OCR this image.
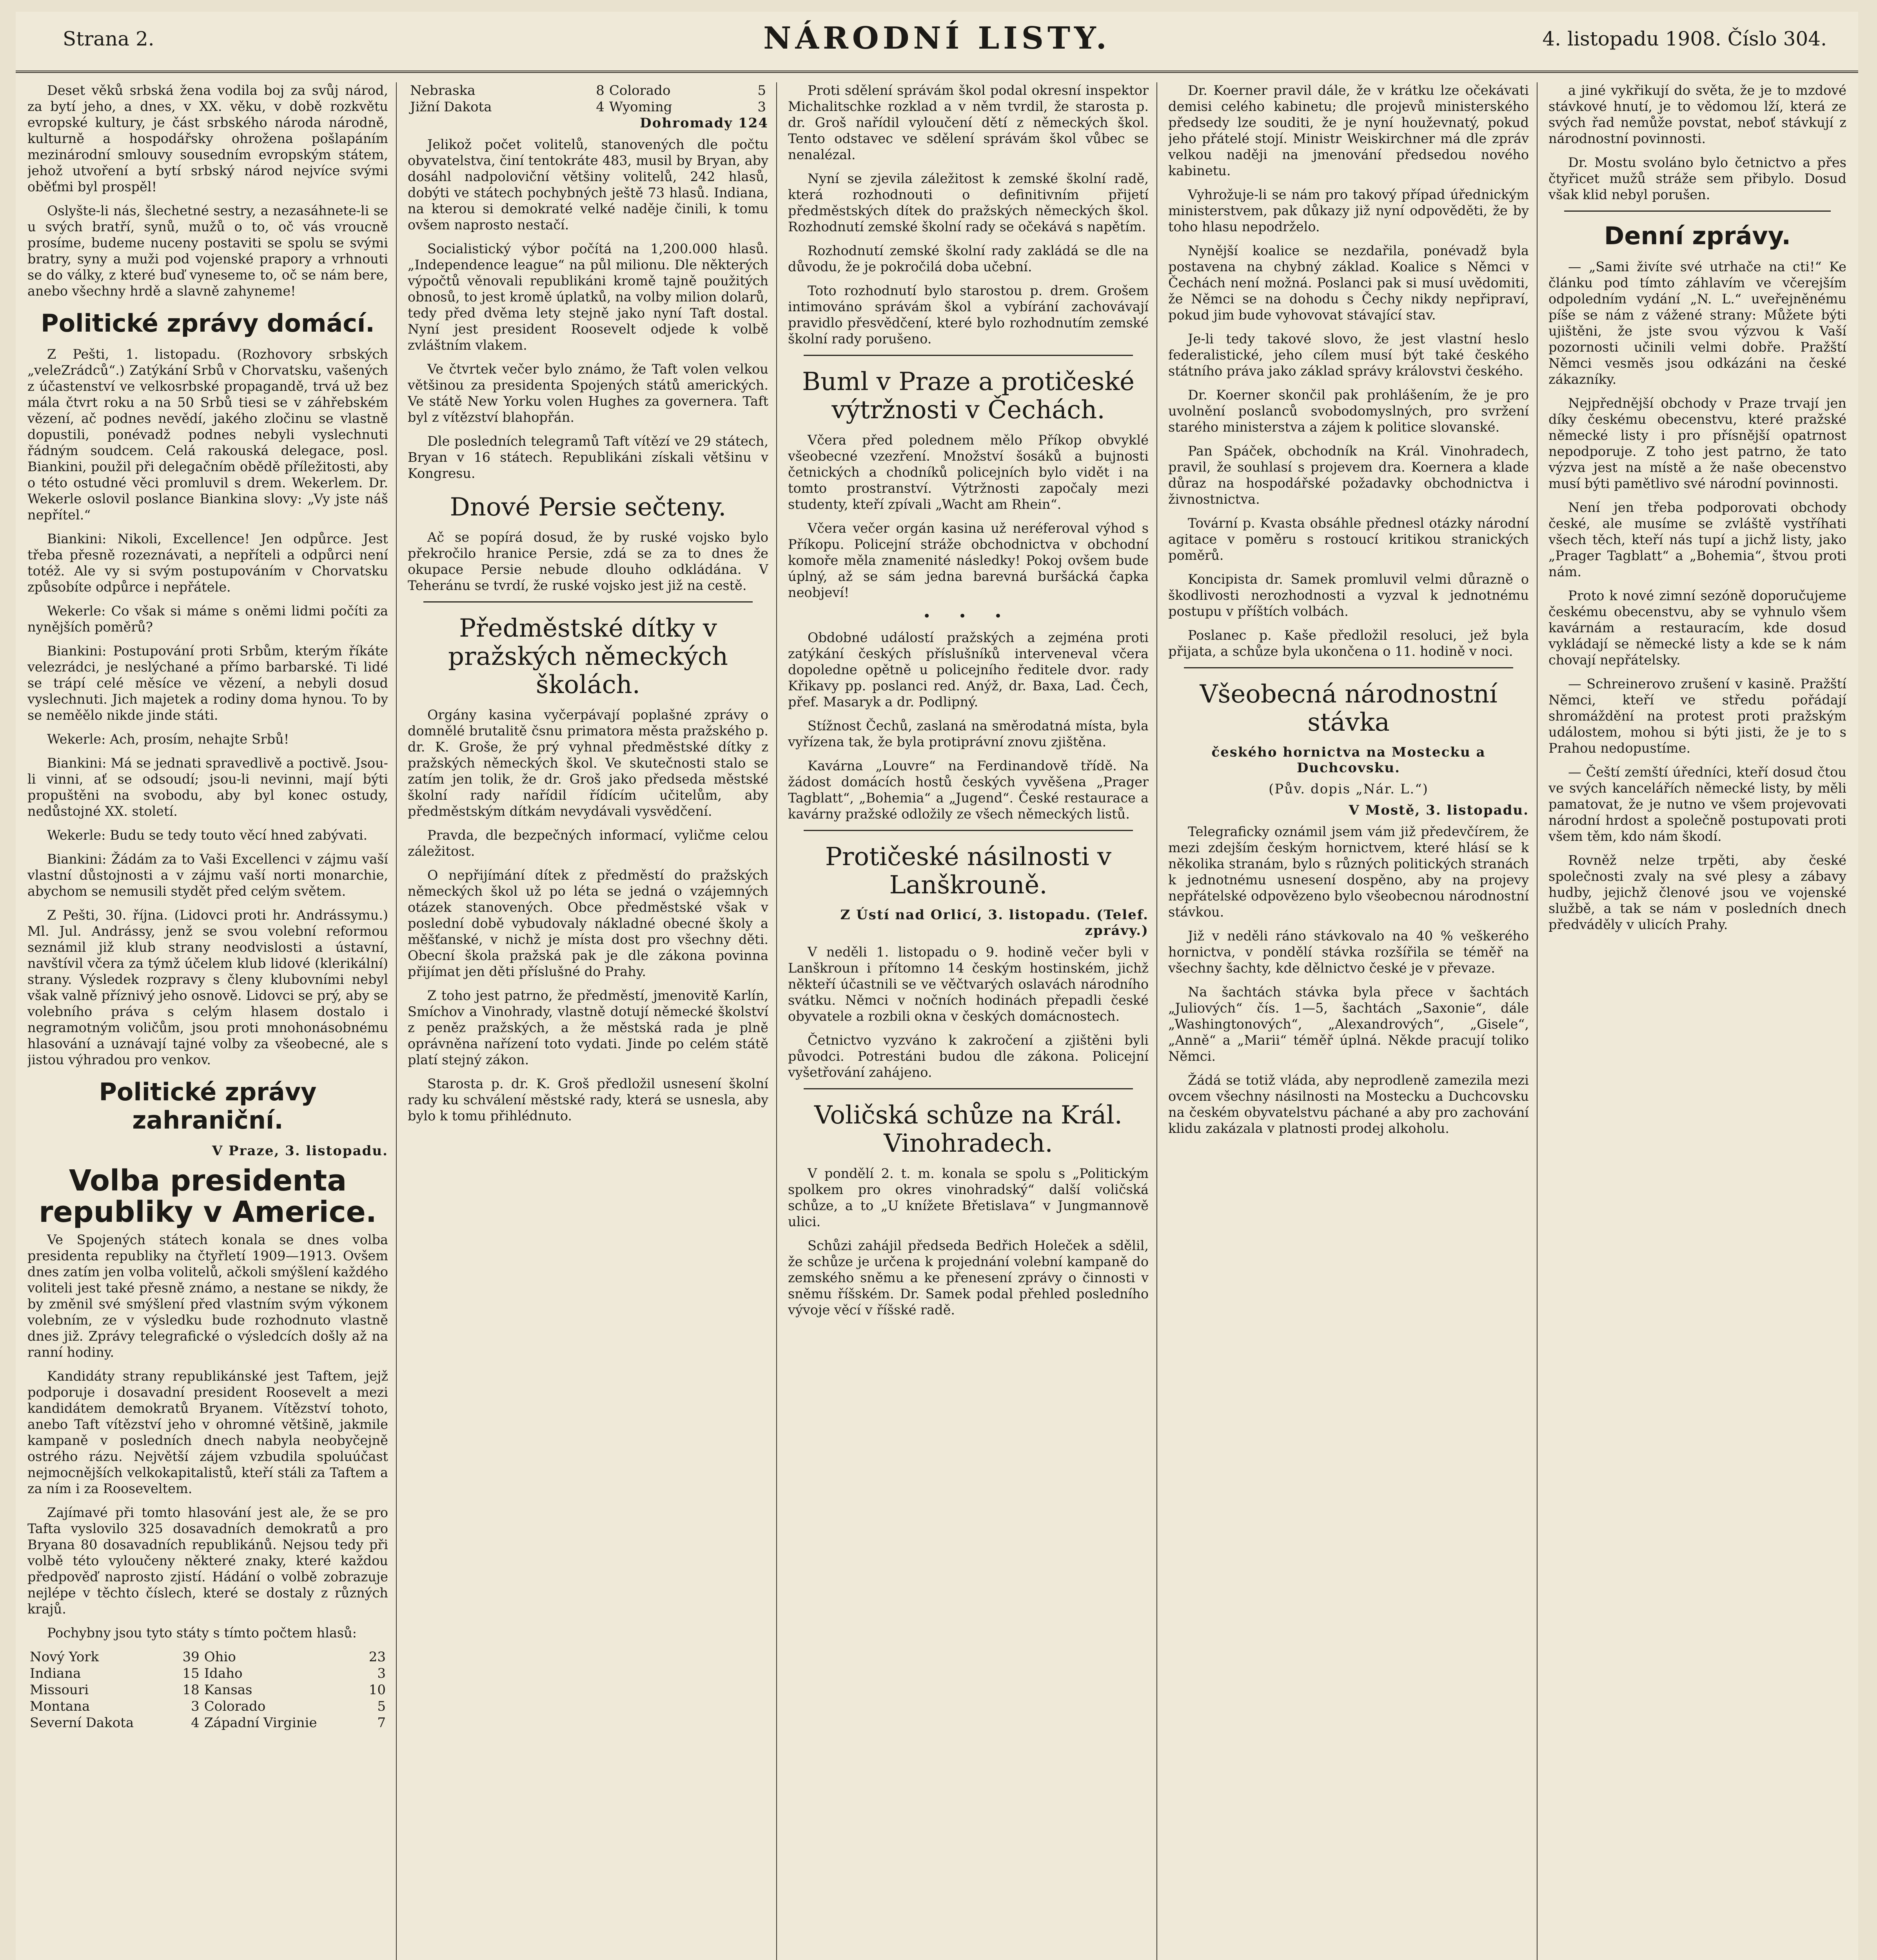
Strana 2.	NÁRODNÍ LISTY.	4. listopadu 1908. Číslo 304.

Deset věků srbská žena vodila boj za svůj národ, za bytí jeho, a dnes, v XX. věku, v době rozkvětu evropské kultury, je část srbského národa národně, kulturně a hospodářsky ohrožena pošlapáním mezinárodní smlouvy sousedním evropským státem, jehož utvoření a bytí srbský národ nejvíce svými oběťmi byl prospěl!

Oslyšte-li nás, šlechetné sestry, a nezasáhnete-li se u svých bratří, synů, mužů o to, oč vás vroucně prosíme, budeme nuceny postaviti se spolu se svými bratry, syny a muži pod vojenské prapory a vrhnouti se do války, z které buď vyneseme to, oč se nám bere, anebo všechny hrdě a slavně zahyneme!

Politické zprávy domácí.

Z Pešti, 1. listopadu. (Rozhovory srbských „veleZrádců“.) Zatýkání Srbů v Chorvatsku, vašených z účastenství ve velkosrbské propagandě, trvá už bez mála čtvrt roku a na 50 Srbů tiesi se v záhřebském vězení, ač podnes nevědí, jakého zločinu se vlastně dopustili, ponévadž podnes nebyli vyslechnuti řádným soudcem. Celá rakouská delegace, posl. Biankini, použil při delegačním obědě příležitosti, aby o této ostudné věci promluvil s drem. Wekerlem. Dr. Wekerle oslovil poslance Biankina slovy: „Vy jste náš nepřítel.“

Biankini: Nikoli, Excellence! Jen odpůrce. Jest třeba přesně rozeznávati, a nepříteli a odpůrci není totéž. Ale vy si svým postupováním v Chorvatsku způsobíte odpůrce i nepřátele.

Wekerle: Co však si máme s oněmi lidmi počíti za nynějších poměrů?

Biankini: Postupování proti Srbům, kterým říkáte velezrádci, je neslýchané a přímo barbarské. Ti lidé se trápí celé měsíce ve vězení, a nebyli dosud vyslechnuti. Jich majetek a rodiny doma hynou. To by se neměělo nikde jinde státi.

Wekerle: Ach, prosím, nehajte Srbů!

Biankini: Má se jednati spravedlivě a poctivě. Jsou-li vinni, ať se odsoudí; jsou-li nevinni, mají býti propuštěni na svobodu, aby byl konec ostudy, nedůstojné XX. století.

Wekerle: Budu se tedy touto věcí hned zabývati.

Biankini: Žádám za to Vaši Excellenci v zájmu vaší vlastní důstojnosti a v zájmu vaší norti monarchie, abychom se nemusili stydět před celým světem.

Z Pešti, 30. října. (Lidovci proti hr. Andrássymu.) Ml. Jul. Andrássy, jenž se svou volební reformou seznámil již klub strany neodvislosti a ústavní, navštívil včera za týmž účelem klub lidové (klerikální) strany. Výsledek rozpravy s členy klubovními nebyl však valně příznivý jeho osnově. Lidovci se prý, aby se volebního práva s celým hlasem dostalo i negramotným voličům, jsou proti mnohonásobnému hlasování a uznávají tajné volby za všeobecné, ale s jistou výhradou pro venkov.

Politické zprávy zahraniční.
V Praze, 3. listopadu.
Volba presidenta republiky v Americe.

Ve Spojených státech konala se dnes volba presidenta republiky na čtyřletí 1909—1913. Ovšem dnes zatím jen volba volitelů, ačkoli smýšlení každého voliteli jest také přesně známo, a nestane se nikdy, že by změnil své smýšlení před vlastním svým výkonem volebním, ze v výsledku bude rozhodnuto vlastně dnes již. Zprávy telegrafické o výsledcích došly až na ranní hodiny.

Kandidáty strany republikánské jest Taftem, jejž podporuje i dosavadní president Roosevelt a mezi kandidátem demokratů Bryanem. Vítězství tohoto, anebo Taft vítězství jeho v ohromné většině, jakmile kampaně v posledních dnech nabyla neobyčejně ostrého rázu. Největší zájem vzbudila spoluúčast nejmocnějších velkokapitalistů, kteří stáli za Taftem a za ním i za Rooseveltem.

Zajímavé při tomto hlasování jest ale, že se pro Tafta vyslovilo 325 dosavadních demokratů a pro Bryana 80 dosavadních republikánů. Nejsou tedy při volbě této vyloučeny některé znaky, které každou předpověď naprosto zjistí. Hádání o volbě zobrazuje nejlépe v těchto číslech, které se dostaly z různých krajů.

Pochybny jsou tyto státy s tímto počtem hlasů:

Nový York	39	Ohio	23
Indiana	15	Idaho	3
Missouri	18	Kansas	10
Montana	3	Colorado	5
Severní Dakota	4	Západní Virginie	7
Nebraska	8	Colorado	5
Jižní Dakota	4	Wyoming	3
Dohromady 124

Jelikož počet volitelů, stanovených dle počtu obyvatelstva, činí tentokráte 483, musil by Bryan, aby dosáhl nadpoloviční většiny volitelů, 242 hlasů, dobýti ve státech pochybných ještě 73 hlasů. Indiana, na kterou si demokraté velké naděje činili, k tomu ovšem naprosto nestačí.

Socialistický výbor počítá na 1,200.000 hlasů. „Independence league“ na půl milionu. Dle některých výpočtů věnovali republikáni kromě tajně použitých obnosů, to jest kromě úplatků, na volby milion dolarů, tedy před dvěma lety stejně jako nyní Taft dostal. Nyní jest president Roosevelt odjede k volbě zvláštním vlakem.

Ve čtvrtek večer bylo známo, že Taft volen velkou většinou za presidenta Spojených států amerických. Ve státě New Yorku volen Hughes za governera. Taft byl z vítězství blahopřán.

Dle posledních telegramů Taft vítězí ve 29 státech, Bryan v 16 státech. Republikáni získali většinu v Kongresu.

Dnové Persie sečteny.

Ač se popírá dosud, že by ruské vojsko bylo překročilo hranice Persie, zdá se za to dnes že okupace Persie nebude dlouho odkládána. V Teheránu se tvrdí, že ruské vojsko jest již na cestě.

Předměstské dítky v pražských německých školách.

Orgány kasina vyčerpávají poplašné zprávy o domnělé brutalitě čsnu primatora města pražského p. dr. K. Groše, že prý vyhnal předměstské dítky z pražských německých škol. Ve skutečnosti stalo se zatím jen tolik, že dr. Groš jako předseda městské školní rady nařídil řídícím učitelům, aby předměstským dítkám nevydávali vysvědčení.

Pravda, dle bezpečných informací, vyličme celou záležitost.

O nepřijímání dítek z předměstí do pražských německých škol už po léta se jedná o vzájemných otázek stanovených. Obce předměstské však v poslední době vybudovaly nákladné obecné školy a měšťanské, v nichž je místa dost pro všechny děti. Obecní škola pražská pak je dle zákona povinna přijímat jen děti příslušné do Prahy.

Z toho jest patrno, že předměstí, jmenovitě Karlín, Smíchov a Vinohrady, vlastně dotují německé školství z peněz pražských, a že městská rada je plně oprávněna nařízení toto vydati. Jinde po celém státě platí stejný zákon.

Starosta p. dr. K. Groš předložil usnesení školní rady ku schválení městské rady, která se usnesla, aby bylo k tomu přihlédnuto.

Proti sdělení správám škol podal okresní inspektor Michalitschke rozklad a v něm tvrdil, že starosta p. dr. Groš nařídil vyloučení dětí z německých škol. Tento odstavec ve sdělení správám škol vůbec se nenalézal.

Nyní se zjevila záležitost k zemské školní radě, která rozhodnouti o definitivním přijetí předměstských dítek do pražských německých škol. Rozhodnutí zemské školní rady se očekává s napětím.

Rozhodnutí zemské školní rady zakládá se dle na důvodu, že je pokročilá doba učební.

Toto rozhodnutí bylo starostou p. drem. Grošem intimováno správám škol a vybírání zachovávají pravidlo přesvědčení, které bylo rozhodnutím zemské školní rady porušeno.

Buml v Praze a protičeské výtržnosti v Čechách.

Včera před polednem mělo Příkop obvyklé všeobecné vzezření. Množství šosáků a bujnosti četnických a chodníků policejních bylo vidět i na tomto prostranství. Výtržnosti započaly mezi studenty, kteří zpívali „Wacht am Rhein“.

Včera večer orgán kasina už neréferoval výhod s Příkopu. Policejní stráže obchodnictva v obchodní komoře měla znamenité následky! Pokoj ovšem bude úplný, až se sám jedna barevná buršácká čapka neobjeví!

• • •

Obdobné událostí pražských a zejména proti zatýkání českých příslušníků interveneval včera dopoledne opětně u policejního ředitele dvor. rady Křikavy pp. poslanci red. Anýž, dr. Baxa, Lad. Čech, přef. Masaryk a dr. Podlipný.

Stížnost Čechů, zaslaná na směrodatná místa, byla vyřízena tak, že byla protiprávní znovu zjištěna.

Kavárna „Louvre“ na Ferdinandově třídě. Na žádost domácích hostů českých vyvěšena „Prager Tagblatt“, „Bohemia“ a „Jugend“. České restaurace a kavárny pražské odložily ze všech německých listů.

Protičeské násilnosti v Lanškrouně.
Z Ústí nad Orlicí, 3. listopadu. (Telef. zprávy.)

V neděli 1. listopadu o 9. hodině večer byli v Lanškroun i přítomno 14 českým hostinském, jichž někteří účastnili se ve věčtvarých oslavách národního svátku. Němci v nočních hodinách přepadli české obyvatele a rozbili okna v českých domácnostech.

Četnictvo vyzváno k zakročení a zjištěni byli původci. Potrestáni budou dle zákona. Policejní vyšetřování zahájeno.

Voličská schůze na Král. Vinohradech.

V pondělí 2. t. m. konala se spolu s „Politickým spolkem pro okres vinohradský“ další voličská schůze, a to „U knížete Břetislava“ v Jungmannově ulici.

Schůzi zahájil předseda Bedřich Holeček a sdělil, že schůze je určena k projednání volební kampaně do zemského sněmu a ke přenesení zprávy o činnosti v sněmu říšském. Dr. Samek podal přehled posledního vývoje věcí v říšské radě.

Dr. Koerner pravil dále, že v krátku lze očekávati demisi celého kabinetu; dle projevů ministerského předsedy lze souditi, že je nyní houževnatý, pokud jeho přátelé stojí. Ministr Weiskirchner má dle zpráv velkou naději na jmenování předsedou nového kabinetu.

Vyhrožuje-li se nám pro takový případ úřednickým ministerstvem, pak důkazy již nyní odpověděti, že by toho hlasu nepodrželo.

Nynější koalice se nezdařila, ponévadž byla postavena na chybný základ. Koalice s Němci v Čechách není možná. Poslanci pak si musí uvědomiti, že Němci se na dohodu s Čechy nikdy nepřipraví, pokud jim bude vyhovovat stávající stav.

Je-li tedy takové slovo, že jest vlastní heslo federalistické, jeho cílem musí být také českého státního práva jako základ správy královstvi českého.

Dr. Koerner skončil pak prohlášením, že je pro uvolnění poslanců svobodomyslných, pro svržení starého ministerstva a zájem k politice slovanské.

Pan Spáček, obchodník na Král. Vinohradech, pravil, že souhlasí s projevem dra. Koernera a klade důraz na hospodářské požadavky obchodnictva i živnostnictva.

Tovární p. Kvasta obsáhle přednesl otázky národní agitace v poměru s rostoucí kritikou stranických poměrů.

Koncipista dr. Samek promluvil velmi důrazně o škodlivosti nerozhodnosti a vyzval k jednotnému postupu v příštích volbách.

Poslanec p. Kaše předložil resoluci, jež byla přijata, a schůze byla ukončena o 11. hodině v noci.

Všeobecná národnostní stávka
českého hornictva na Mostecku a Duchcovsku.
(Pův. dopis „Nár. L.“)
V Mostě, 3. listopadu.

Telegraficky oznámil jsem vám již předevčírem, že mezi zdejším českým hornictvem, které hlásí se k několika stranám, bylo s různých politických stranách k jednotnému usnesení dospěno, aby na projevy nepřátelské odpovězeno bylo všeobecnou národnostní stávkou.

Již v neděli ráno stávkovalo na 40 % veškerého hornictva, v pondělí stávka rozšířila se téměř na všechny šachty, kde dělnictvo české je v převaze.

Na šachtách stávka byla přece v šachtách „Juliových“ čís. 1—5, šachtách „Saxonie“, dále „Washingtonových“, „Alexandrových“, „Gisele“, „Anně“ a „Marii“ téměř úplná. Někde pracují toliko Němci.

Žádá se totiž vláda, aby neprodleně zamezila mezi ovcem všechny násilnosti na Mostecku a Duchcovsku na českém obyvatelstvu páchané a aby pro zachování klidu zakázala v platnosti prodej alkoholu.

a jiné vykřikují do světa, že je to mzdové stávkové hnutí, je to vědomou lží, která ze svých řad nemůže povstat, neboť stávkují z národnostní povinnosti.

Dr. Mostu svoláno bylo četnictvo a přes čtyřicet mužů stráže sem přibylo. Dosud však klid nebyl porušen.

Denní zprávy.

— „Sami živíte své utrhače na cti!“ Ke článku pod tímto záhlavím ve včerejším odpoledním vydání „N. L.“ uveřejněnému píše se nám z vážené strany: Můžete býti ujištěni, že jste svou výzvou k Vaší pozornosti učinili velmi dobře. Pražští Němci vesměs jsou odkázáni na české zákazníky.

Nejpřednější obchody v Praze trvají jen díky českému obecenstvu, které pražské německé listy i pro přísnější opatrnost nepodporuje. Z toho jest patrno, že tato výzva jest na místě a že naše obecenstvo musí býti pamětlivo své národní povinnosti.

Není jen třeba podporovati obchody české, ale musíme se zvláště vystříhati všech těch, kteří nás tupí a jichž listy, jako „Prager Tagblatt“ a „Bohemia“, štvou proti nám.

Proto k nové zimní sezóně doporučujeme českému obecenstvu, aby se vyhnulo všem kavárnám a restauracím, kde dosud vykládají se německé listy a kde se k nám chovají nepřátelsky.

— Schreinerovo zrušení v kasině. Pražští Němci, kteří ve středu pořádají shromáždění na protest proti pražským událostem, mohou si býti jisti, že je to s Prahou nedopustíme.

— Čeští zemští úředníci, kteří dosud čtou ve svých kancelářích německé listy, by měli pamatovat, že je nutno ve všem projevovati národní hrdost a společně postupovati proti všem těm, kdo nám škodí.

Rovněž nelze trpěti, aby české společnosti zvaly na své plesy a zábavy hudby, jejichž členové jsou ve vojenské službě, a tak se nám v posledních dnech předváděly v ulicích Prahy.
